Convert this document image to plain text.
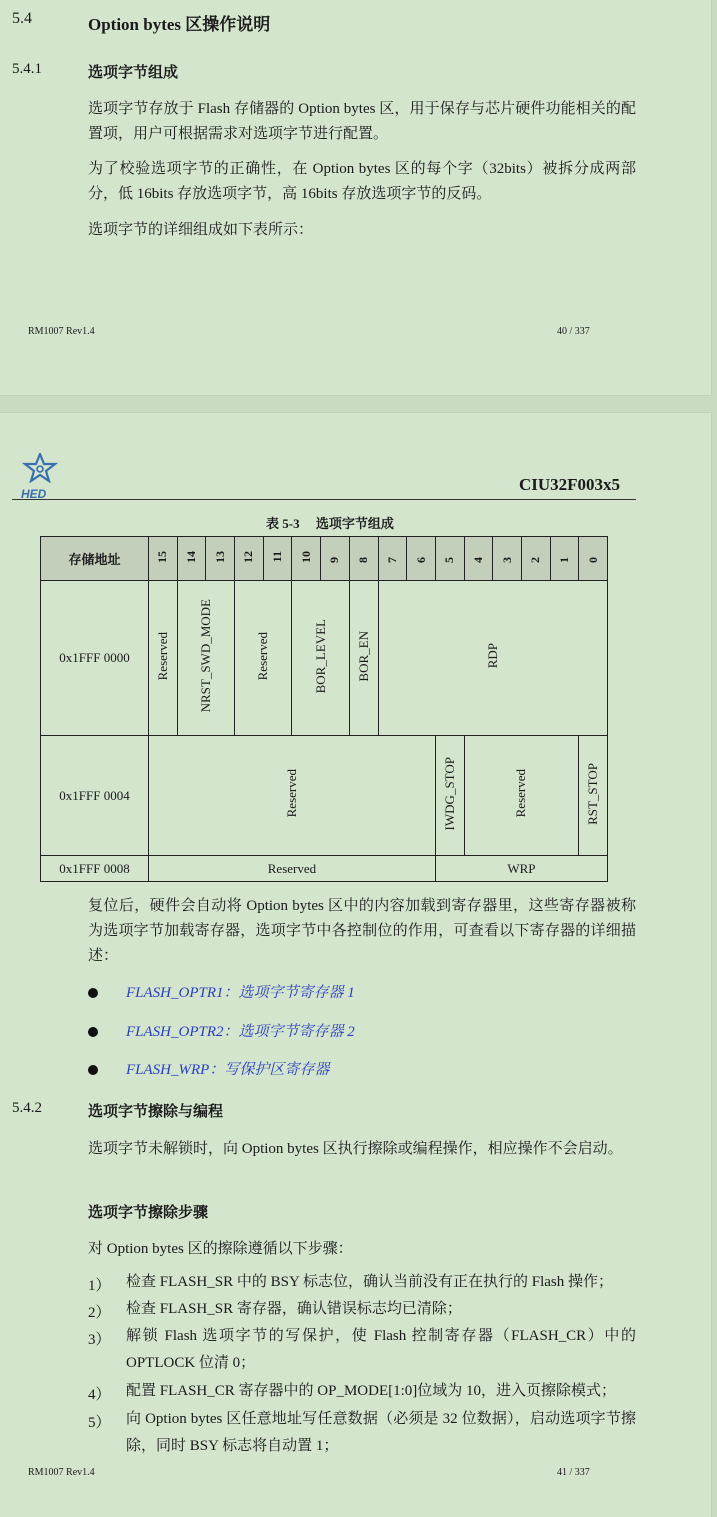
5.4	Option bytes 区操作说明
5.4.1	选项字节组成

选项字节存放于 Flash 存储器的 Option bytes 区，用于保存与芯片硬件功能相关的配置项，用户可根据需求对选项字节进行配置。

为了校验选项字节的正确性，在 Option bytes 区的每个字（32bits）被拆分成两部分，低 16bits 存放选项字节，高 16bits 存放选项字节的反码。

选项字节的详细组成如下表所示：

RM1007 Rev1.4	40 / 337
HED	CIU32F003x5
表 5-3　 选项字节组成
存储地址	15	14	13	12	11	10	9	8	7	6	5	4	3	2	1	0
0x1FFF 0000	Reserved	NRST_SWD_MODE		Reserved		BOR_LEVEL		BOR_EN	RDP							
0x1FFF 0004	Reserved										IWDG_STOP	Reserved				RST_STOP
0x1FFF 0008	Reserved										WRP					

复位后，硬件会自动将 Option bytes 区中的内容加载到寄存器里，这些寄存器被称为选项字节加载寄存器，选项字节中各控制位的作用，可查看以下寄存器的详细描述：

FLASH_OPTR1：选项字节寄存器 1
FLASH_OPTR2：选项字节寄存器 2
FLASH_WRP：写保护区寄存器
5.4.2	选项字节擦除与编程

选项字节未解锁时，向 Option bytes 区执行擦除或编程操作，相应操作不会启动。

选项字节擦除步骤
对 Option bytes 区的擦除遵循以下步骤：
1） 检查 FLASH_SR 中的 BSY 标志位，确认当前没有正在执行的 Flash 操作；
2） 检查 FLASH_SR 寄存器，确认错误标志均已清除；
3） 解锁 Flash 选项字节的写保护，使 Flash 控制寄存器（FLASH_CR）中的 OPTLOCK 位清 0；
4） 配置 FLASH_CR 寄存器中的 OP_MODE[1:0]位域为 10，进入页擦除模式；
5） 向 Option bytes 区任意地址写任意数据（必须是 32 位数据），启动选项字节擦除，同时 BSY 标志将自动置 1；
RM1007 Rev1.4	41 / 337
